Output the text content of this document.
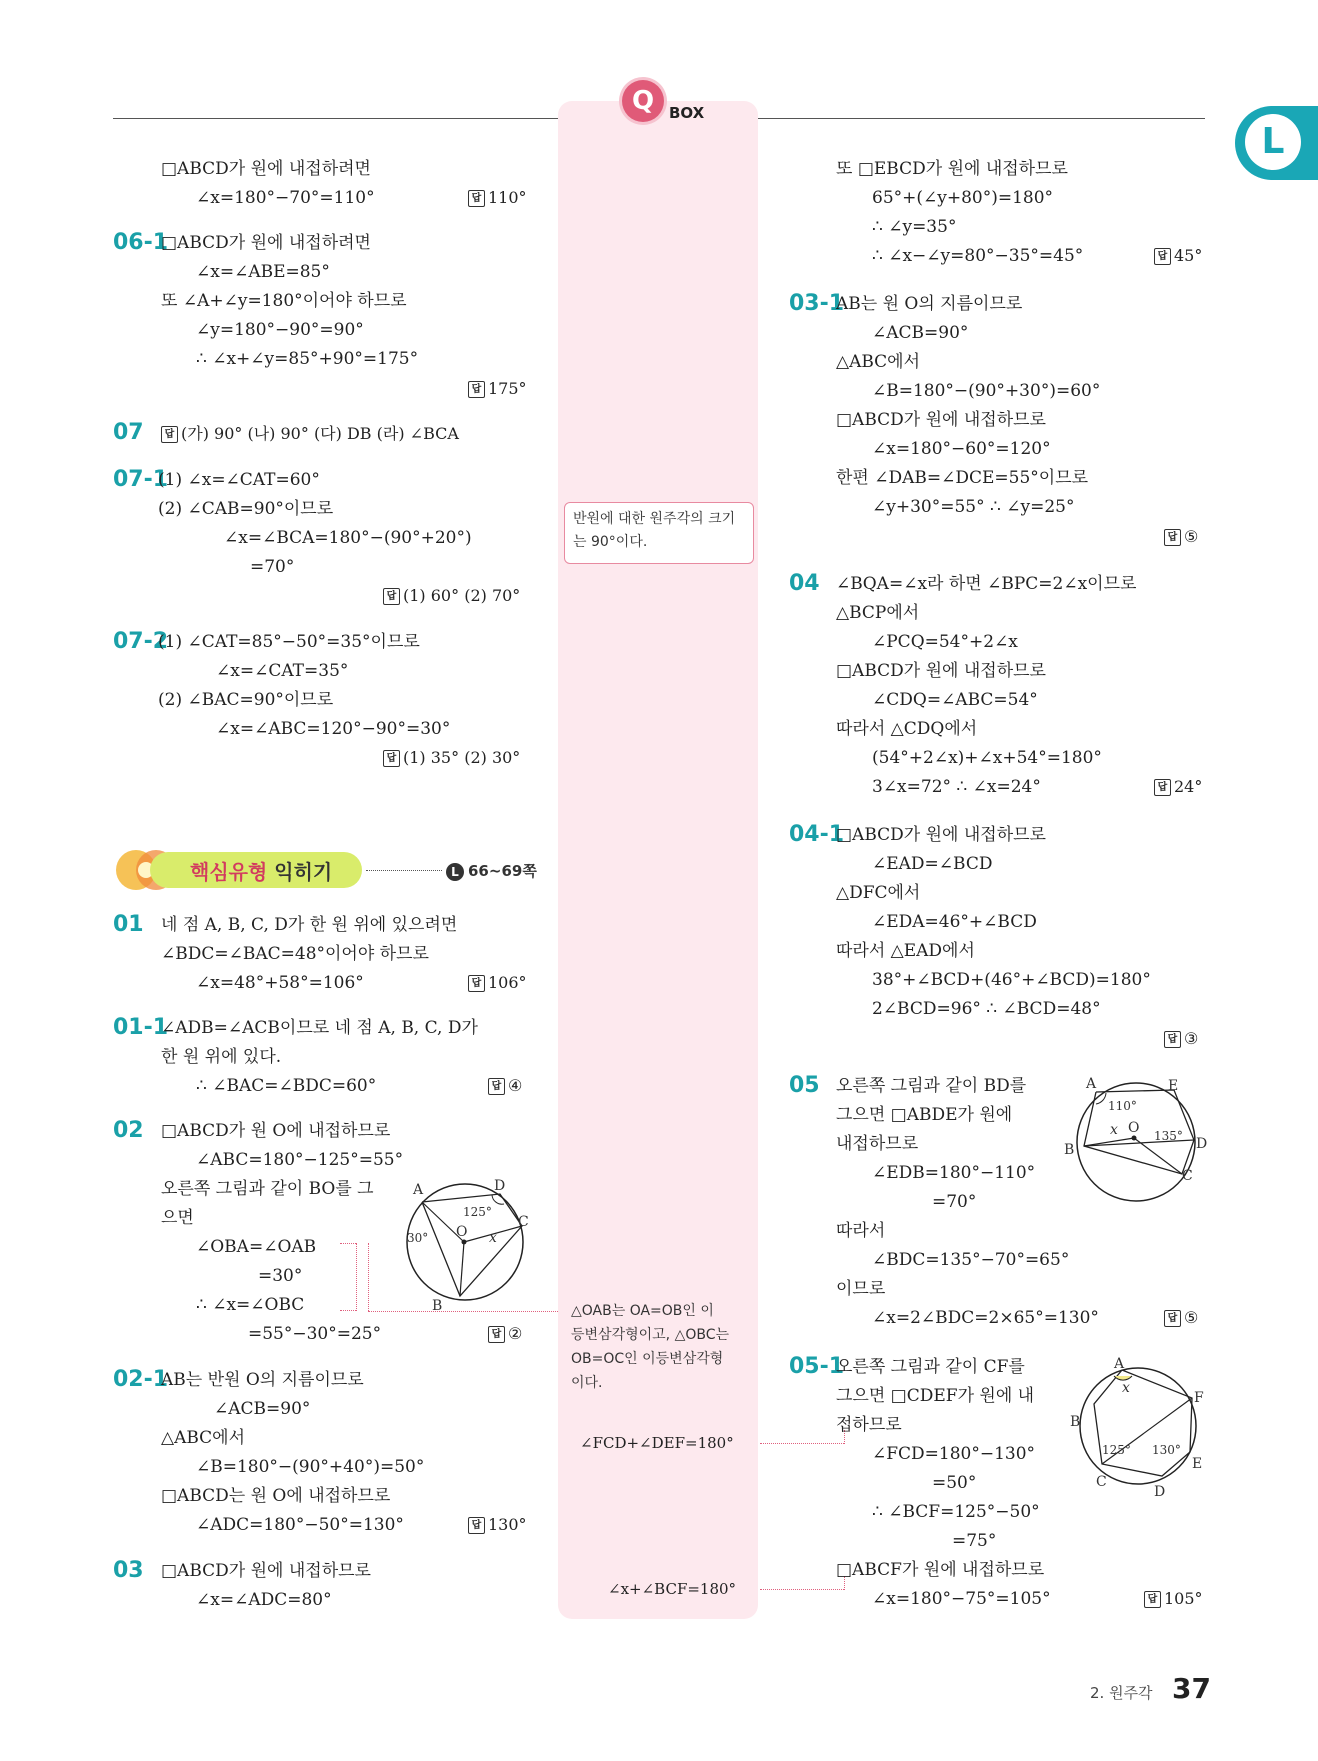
Q BOX
L
□ABCD가 원에 내접하려면
∠x=180°−70°=110°	답 110°
06-1
□ABCD가 원에 내접하려면
∠x=∠ABE=85°
또 ∠A+∠y=180°이어야 하므로
∠y=180°−90°=90°
∴ ∠x+∠y=85°+90°=175°
답 175°
07	답 (가) 90° (나) 90° (다) DB (라) ∠BCA
07-1
(1) ∠x=∠CAT=60°
(2) ∠CAB=90°이므로
∠x=∠BCA=180°−(90°+20°)
=70°
답 (1) 60° (2) 70°
07-2
(1) ∠CAT=85°−50°=35°이므로
∠x=∠CAT=35°
(2) ∠BAC=90°이므로
∠x=∠ABC=120°−90°=30°
답 (1) 35° (2) 30°
핵심유형 익히기	L 66~69쪽
01 네 점 A, B, C, D가 한 원 위에 있으려면
∠BDC=∠BAC=48°이어야 하므로
∠x=48°+58°=106°	답 106°
01-1
∠ADB=∠ACB이므로 네 점 A, B, C, D가
한 원 위에 있다.
∴ ∠BAC=∠BDC=60°	답 ④
02 □ABCD가 원 O에 내접하므로
∠ABC=180°−125°=55°
오른쪽 그림과 같이 BO를 그
으면
∠OBA=∠OAB
=30°
∴ ∠x=∠OBC
=55°−30°=25°	답 ②
A	D
C
O x
B
125°
30°
02-1
AB는 반원 O의 지름이므로
∠ACB=90°
△ABC에서
∠B=180°−(90°+40°)=50°
□ABCD는 원 O에 내접하므로
∠ADC=180°−50°=130°	답 130°
03 □ABCD가 원에 내접하므로
∠x=∠ADC=80°
반원에 대한 원주각의 크기
는 90°이다.
△OAB는 OA=OB인 이
등변삼각형이고, △OBC는
OB=OC인 이등변삼각형
이다.
∠FCD+∠DEF=180°
∠x+∠BCF=180°
또 □EBCD가 원에 내접하므로
65°+(∠y+80°)=180°
∴ ∠y=35°
∴ ∠x−∠y=80°−35°=45°	답 45°
03-1
AB는 원 O의 지름이므로
∠ACB=90°
△ABC에서
∠B=180°−(90°+30°)=60°
□ABCD가 원에 내접하므로
∠x=180°−60°=120°
한편 ∠DAB=∠DCE=55°이므로
∠y+30°=55° ∴ ∠y=25°
답 ⑤
04 ∠BQA=∠x라 하면 ∠BPC=2∠x이므로
△BCP에서
∠PCQ=54°+2∠x
□ABCD가 원에 내접하므로
∠CDQ=∠ABC=54°
따라서 △CDQ에서
(54°+2∠x)+∠x+54°=180°
3∠x=72° ∴ ∠x=24°	답 24°
04-1
□ABCD가 원에 내접하므로
∠EAD=∠BCD
△DFC에서
∠EDA=46°+∠BCD
따라서 △EAD에서
38°+∠BCD+(46°+∠BCD)=180°
2∠BCD=96° ∴ ∠BCD=48°
답 ③
05 오른쪽 그림과 같이 BD를
그으면 □ABDE가 원에
내접하므로
∠EDB=180°−110°
=70°
따라서
∠BDC=135°−70°=65°
이므로
∠x=2∠BDC=2×65°=130°	답 ⑤
A	E
B	D
C
O
x
110°
135°
05-1
오른쪽 그림과 같이 CF를
그으면 □CDEF가 원에 내
접하므로
∠FCD=180°−130°
=50°
∴ ∠BCF=125°−50°
=75°
□ABCF가 원에 내접하므로
∠x=180°−75°=105°	답 105°
A
F
B
E
C
D
x
125° 130°
2. 원주각 37
